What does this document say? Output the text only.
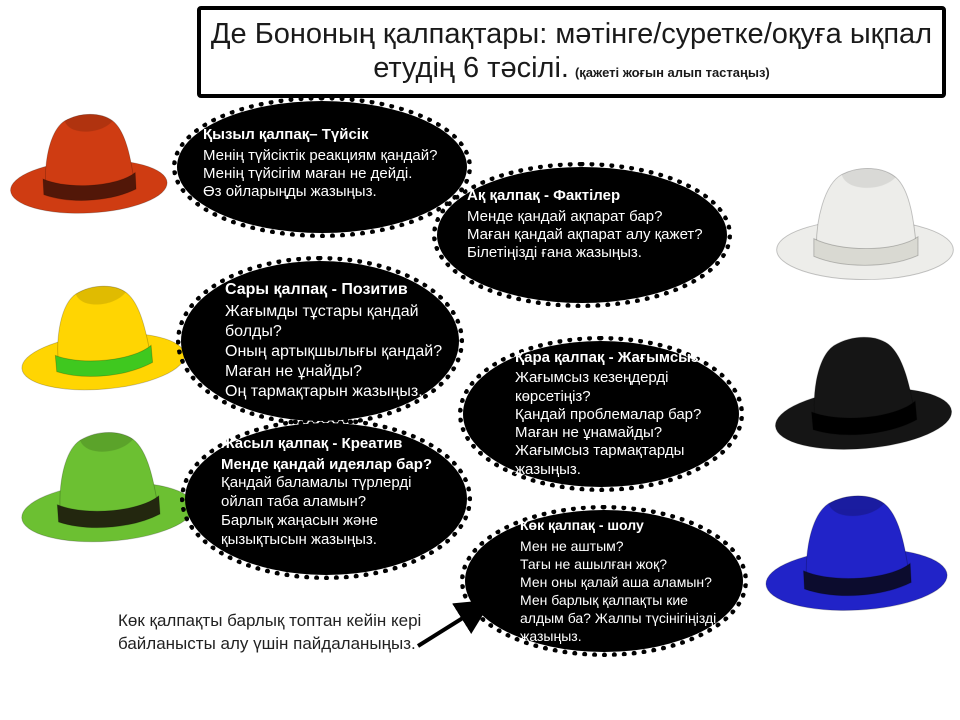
Де Бононың қалпақтары: мәтінге/суретке/оқуға ықпал
етудің 6 тәсілі. (қажеті жоғын алып тастаңыз)
Қызыл қалпақ– Түйсік
Менің түйсіктік реакциям қандай?
Менің түйсігім маған не дейді.
Өз ойларыңды жазыңыз.	Ақ қалпақ - Фактілер
Менде қандай ақпарат бар?
Маған қандай ақпарат алу қажет?
Білетіңізді ғана жазыңыз.
Сары қалпақ - Позитив
Жағымды тұстары қандай болды?
Оның артықшылығы қандай?
Маған не ұнайды?
Оң тармақтарын жазыңыз.
Қара қалпақ - Жағымсыз
Жағымсыз кезеңдерді көрсетіңіз?
Қандай проблемалар бар?
Маған не ұнамайды?
Жағымсыз тармақтарды жазыңыз.
Жасыл қалпақ - Креатив
Менде қандай идеялар бар?
Қандай баламалы түрлерді ойлап таба аламын?
Барлық жаңасын және қызықтысын жазыңыз.
Көк қалпақ - шолу
Мен не аштым?
Тағы не ашылған жоқ?
Мен оны қалай аша аламын?
Мен барлық қалпақты кие алдым ба? Жалпы түсінігіңізді жазыңыз.
Көк қалпақты барлық топтан кейін кері
байланысты алу үшін пайдаланыңыз.
